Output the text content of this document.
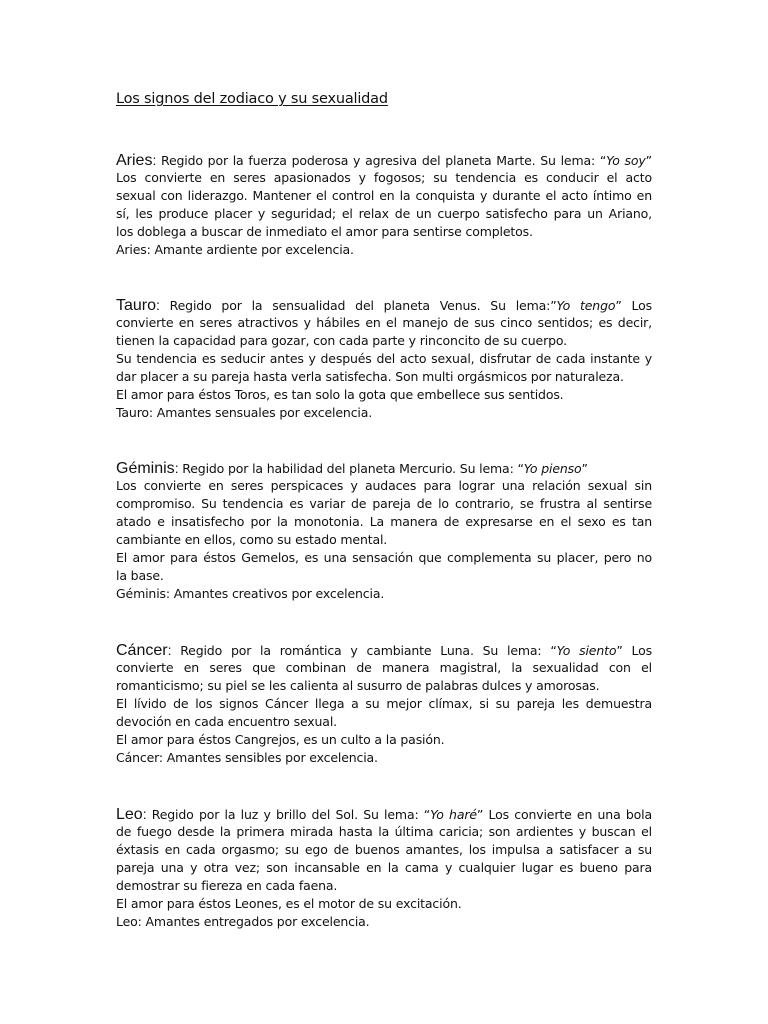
Los signos del zodiaco y su sexualidad
Aries: Regido por la fuerza poderosa y agresiva del planeta Marte. Su lema: “Yo soy”
Los convierte en seres apasionados y fogosos; su tendencia es conducir el acto
sexual con liderazgo. Mantener el control en la conquista y durante el acto íntimo en
sí, les produce placer y seguridad; el relax de un cuerpo satisfecho para un Ariano,
los doblega a buscar de inmediato el amor para sentirse completos.
Aries: Amante ardiente por excelencia.
Tauro: Regido por la sensualidad del planeta Venus. Su lema:”Yo tengo” Los
convierte en seres atractivos y hábiles en el manejo de sus cinco sentidos; es decir,
tienen la capacidad para gozar, con cada parte y rinconcito de su cuerpo.
Su tendencia es seducir antes y después del acto sexual, disfrutar de cada instante y
dar placer a su pareja hasta verla satisfecha. Son multi orgásmicos por naturaleza.
El amor para éstos Toros, es tan solo la gota que embellece sus sentidos.
Tauro: Amantes sensuales por excelencia.
Géminis: Regido por la habilidad del planeta Mercurio. Su lema: “Yo pienso”
Los convierte en seres perspicaces y audaces para lograr una relación sexual sin
compromiso. Su tendencia es variar de pareja de lo contrario, se frustra al sentirse
atado e insatisfecho por la monotonia. La manera de expresarse en el sexo es tan
cambiante en ellos, como su estado mental.
El amor para éstos Gemelos, es una sensación que complementa su placer, pero no
la base.
Géminis: Amantes creativos por excelencia.
Cáncer: Regido por la romántica y cambiante Luna. Su lema: “Yo siento” Los
convierte en seres que combinan de manera magistral, la sexualidad con el
romanticismo; su piel se les calienta al susurro de palabras dulces y amorosas.
El lívido de los signos Cáncer llega a su mejor clímax, si su pareja les demuestra
devoción en cada encuentro sexual.
El amor para éstos Cangrejos, es un culto a la pasión.
Cáncer: Amantes sensibles por excelencia.
Leo: Regido por la luz y brillo del Sol. Su lema: “Yo haré” Los convierte en una bola
de fuego desde la primera mirada hasta la última caricia; son ardientes y buscan el
éxtasis en cada orgasmo; su ego de buenos amantes, los impulsa a satisfacer a su
pareja una y otra vez; son incansable en la cama y cualquier lugar es bueno para
demostrar su fiereza en cada faena.
El amor para éstos Leones, es el motor de su excitación.
Leo: Amantes entregados por excelencia.
